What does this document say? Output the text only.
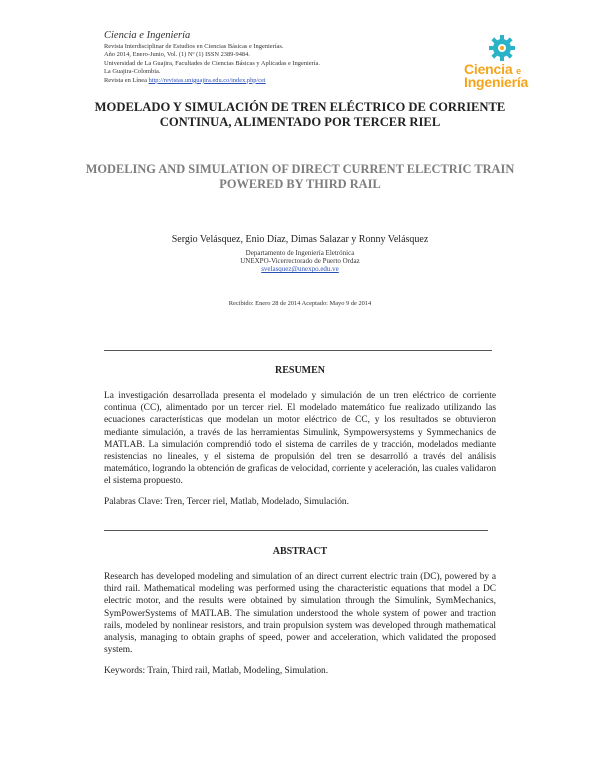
Ciencia e Ingeniería
Revista Interdisciplinar de Estudios en Ciencias Básicas e Ingenierías.
Año 2014, Enero-Junio, Vol. (1) Nº (1) ISSN 2389-9484.
Universidad de La Guajira, Facultades de Ciencias Básicas y Aplicadas e Ingeniería.
La Guajira-Colombia.
Revista en Línea http://revistas.uniguajira.edu.co/index.php/cei
Ciencia e
Ingeniería
MODELADO Y SIMULACIÓN DE TREN ELÉCTRICO DE CORRIENTE CONTINUA, ALIMENTADO POR TERCER RIEL
MODELING AND SIMULATION OF DIRECT CURRENT ELECTRIC TRAIN POWERED BY THIRD RAIL
Sergio Velásquez, Enio Díaz, Dimas Salazar y Ronny Velásquez
Departamento de Ingeniería Eletrónica
UNEXPO-Vicerrectorado de Puerto Ordaz
svelasquez@unexpo.edu.ve
Recibido: Enero 28 de 2014 Aceptado: Mayo 9 de 2014
RESUMEN
La investigación desarrollada presenta el modelado y simulación de un tren eléctrico de corriente continua (CC), alimentado por un tercer riel. El modelado matemático fue realizado utilizando las ecuaciones características que modelan un motor eléctrico de CC, y los resultados se obtuvieron mediante simulación, a través de las herramientas Simulink, Sympowersystems y Symmechanics de MATLAB. La simulación comprendió todo el sistema de carriles de y tracción, modelados mediante resistencias no lineales, y el sistema de propulsión del tren se desarrolló a través del análisis matemático, logrando la obtención de graficas de velocidad, corriente y aceleración, las cuales validaron el sistema propuesto.
Palabras Clave: Tren, Tercer riel, Matlab, Modelado, Simulación.
ABSTRACT
Research has developed modeling and simulation of an direct current electric train (DC), powered by a third rail. Mathematical modeling was performed using the characteristic equations that model a DC electric motor, and the results were obtained by simulation through the Simulink, SymMechanics, SymPowerSystems of MATLAB. The simulation understood the whole system of power and traction rails, modeled by nonlinear resistors, and train propulsion system was developed through mathematical analysis, managing to obtain graphs of speed, power and acceleration, which validated the proposed system.
Keywords: Train, Third rail, Matlab, Modeling, Simulation.
